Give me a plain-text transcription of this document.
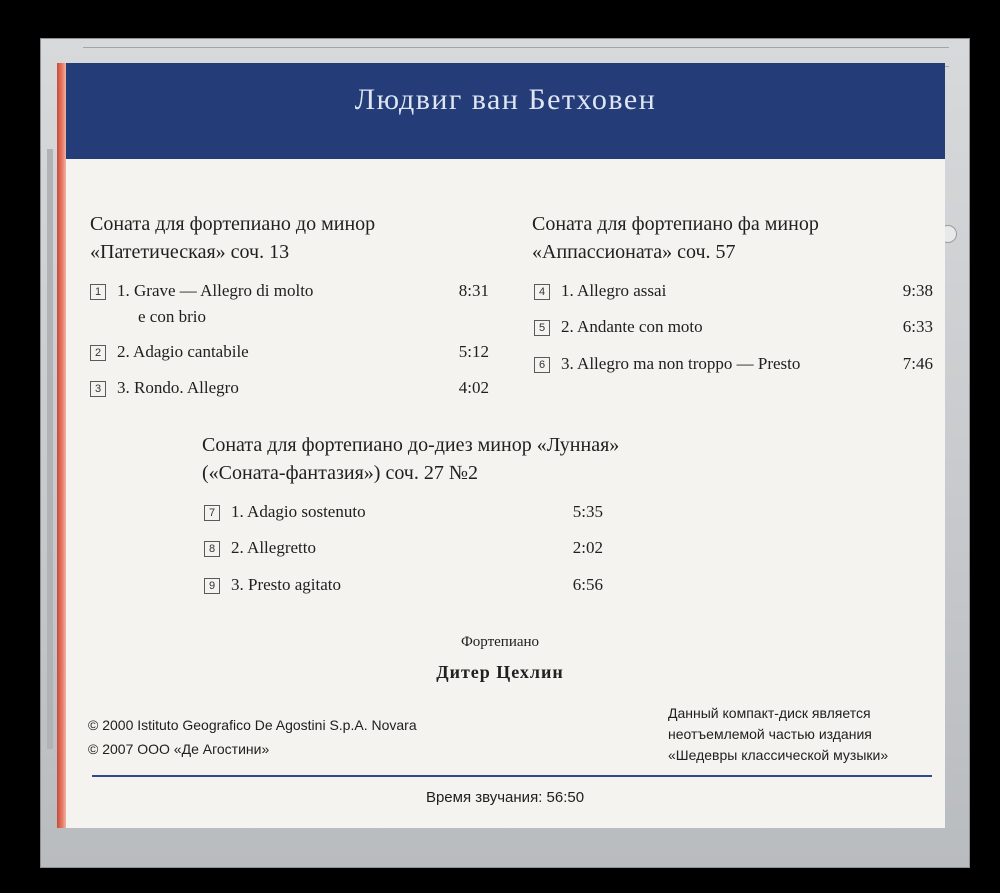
Людвиг ван Бетховен
Соната для фортепиано до минор
«Патетическая» соч. 13
1 1. Grave — Allegro di molto
e con brio
8:31
2 2. Adagio cantabile	5:12
3 3. Rondo. Allegro	4:02
Соната для фортепиано фа минор
«Аппассионата» соч. 57
4 1. Allegro assai	9:38
5 2. Andante con moto	6:33
6 3. Allegro ma non troppo — Presto	7:46
Соната для фортепиано до-диез минор «Лунная»
(«Соната-фантазия») соч. 27 №2
7 1. Adagio sostenuto	5:35
8 2. Allegretto	2:02
9 3. Presto agitato	6:56
Фортепиано
Дитер Цехлин
© 2000 Istituto Geografico De Agostini S.p.A. Novara
© 2007 ООО «Де Агостини»
Данный компакт-диск является
неотъемлемой частью издания
«Шедевры классической музыки»
Время звучания: 56:50
